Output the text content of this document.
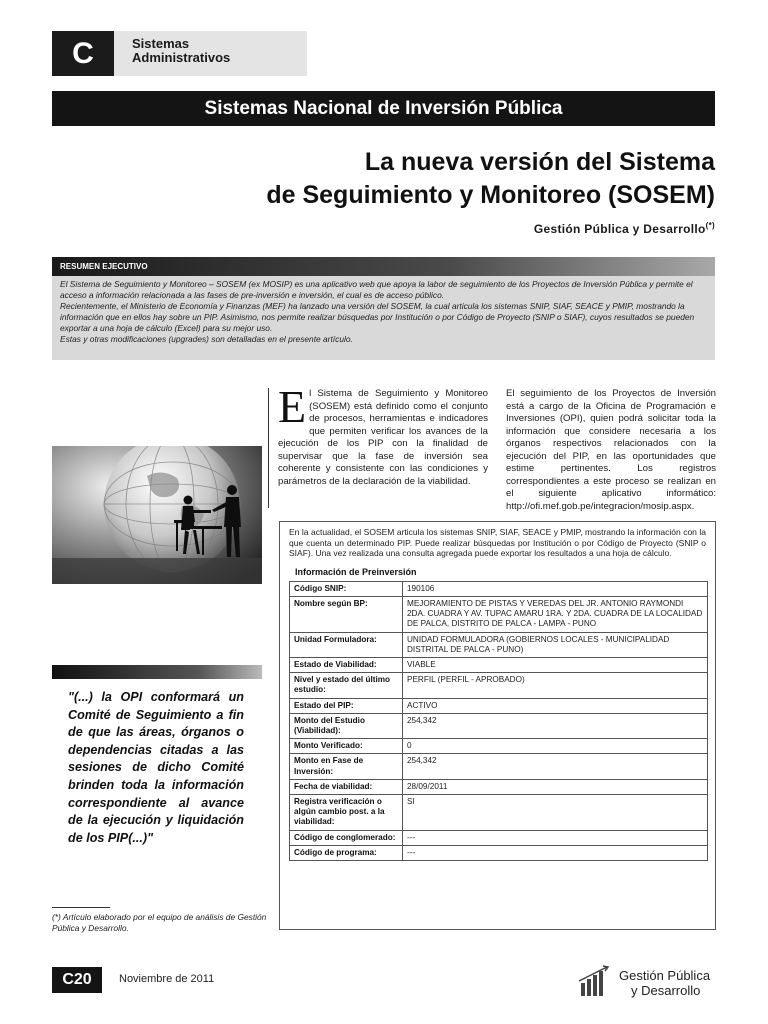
C	Sistemas
Administrativos
Sistemas Nacional de Inversión Pública
La nueva versión del Sistema
de Seguimiento y Monitoreo (SOSEM)
Gestión Pública y Desarrollo(*)
RESUMEN EJECUTIVO

El Sistema de Seguimiento y Monitoreo – SOSEM (ex MOSIP) es una aplicativo web que apoya la labor de seguimiento de los Proyectos de Inversión Pública y permite el acceso a información relacionada a las fases de pre-inversión e inversión, el cual es de acceso público.

Recientemente, el Ministerio de Economía y Finanzas (MEF) ha lanzado una versión del SOSEM, la cual articula los sistemas SNIP, SIAF, SEACE y PMIP, mostrando la información que en ellos hay sobre un PIP. Asimismo, nos permite realizar búsquedas por Institución o por Código de Proyecto (SNIP o SIAF), cuyos resultados se pueden exportar a una hoja de cálculo (Excel) para su mejor uso.

Estas y otras modificaciones (upgrades) son detalladas en el presente artículo.

El Sistema de Seguimiento y Monitoreo (SOSEM) está definido como el conjunto de procesos, herramientas e indicadores que permiten verificar los avances de la ejecución de los PIP con la finalidad de supervisar que la fase de inversión sea coherente y consistente con las condiciones y parámetros de la declaración de la viabilidad.
El seguimiento de los Proyectos de Inversión está a cargo de la Oficina de Programación e Inversiones (OPI), quien podrá solicitar toda la información que considere necesaria a los órganos respectivos relacionados con la ejecución del PIP, en las oportunidades que estime pertinentes. Los registros correspondientes a este proceso se realizan en el siguiente aplicativo informático: http://ofi.mef.gob.pe/integracion/mosip.aspx.
"(...) la OPI conformará un Comité de Seguimiento a fin de que las áreas, órganos o dependencias citadas a las sesiones de dicho Comité brinden toda la información correspondiente al avance de la ejecución y liquidación de los PIP(...)"
(*) Artículo elaborado por el equipo de análisis de Gestión Pública y Desarrollo.
En la actualidad, el SOSEM articula los sistemas SNIP, SIAF, SEACE y PMIP, mostrando la información con la que cuenta un determinado PIP. Puede realizar búsquedas por Institución o por Código de Proyecto (SNIP o SIAF). Una vez realizada una consulta agregada puede exportar los resultados a una hoja de cálculo.
Información de Preinversión
Código SNIP:	190106
Nombre según BP:	MEJORAMIENTO DE PISTAS Y VEREDAS DEL JR. ANTONIO RAYMONDI 2DA. CUADRA Y AV. TUPAC AMARU 1RA. Y 2DA. CUADRA DE LA LOCALIDAD DE PALCA, DISTRITO DE PALCA - LAMPA - PUNO
Unidad Formuladora:	UNIDAD FORMULADORA (GOBIERNOS LOCALES - MUNICIPALIDAD DISTRITAL DE PALCA - PUNO)
Estado de Viabilidad:	VIABLE
Nivel y estado del último estudio:	PERFIL (PERFIL - APROBADO)
Estado del PIP:	ACTIVO
Monto del Estudio (Viabilidad):	254,342
Monto Verificado:	0
Monto en Fase de Inversión:	254,342
Fecha de viabilidad:	28/09/2011
Registra verificación o algún cambio post. a la viabilidad:	SI
Código de conglomerado:	---
Código de programa:	---
C20	Noviembre de 2011	Gestión Pública
y Desarrollo
